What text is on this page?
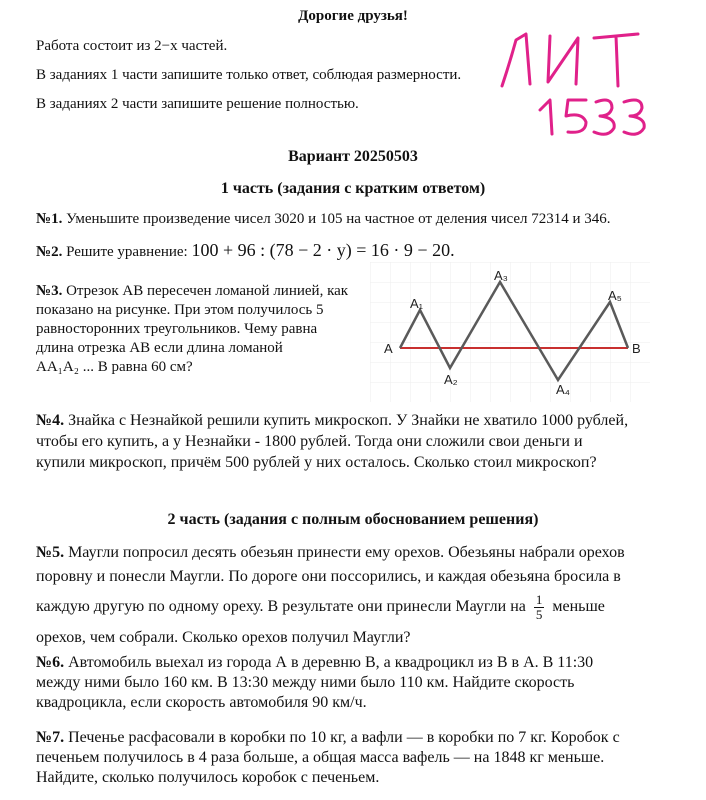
Дорогие друзья!

Работа состоит из 2−х частей.

В заданиях 1 части запишите только ответ, соблюдая размерности.

В заданиях 2 части запишите решение полностью.

Вариант 20250503

1 часть (задания с кратким ответом)

№1. Уменьшите произведение чисел 3020 и 105 на частное от деления чисел 72314 и 346.

№2. Решите уравнение: 100 + 96 : (78 − 2 · y) = 16 · 9 − 20.

№3. Отрезок AB пересечен ломаной линией, как
показано на рисунке. При этом получилось 5
равносторонних треугольников. Чему равна
длина отрезка AB если длина ломаной
AA₁A₂ ... B равна 60 см?
A
A₁
A₂
A₃
A₄
A₅
B
№4. Знайка с Незнайкой решили купить микроскоп. У Знайки не хватило 1000 рублей,
чтобы его купить, а у Незнайки - 1800 рублей. Тогда они сложили свои деньги и
купили микроскоп, причём 500 рублей у них осталось. Сколько стоил микроскоп?

2 часть (задания с полным обоснованием решения)

№5. Маугли попросил десять обезьян принести ему орехов. Обезьяны набрали орехов
поровну и понесли Маугли. По дороге они поссорились, и каждая обезьяна бросила в
каждую другую по одному ореху. В результате они принесли Маугли на $\frac{1}{5}$ меньше
орехов, чем собрали. Сколько орехов получил Маугли?
№6. Автомобиль выехал из города А в деревню В, а квадроцикл из В в А. В 11:30
между ними было 160 км. В 13:30 между ними было 110 км. Найдите скорость
квадроцикла, если скорость автомобиля 90 км/ч.
№7. Печенье расфасовали в коробки по 10 кг, а вафли — в коробки по 7 кг. Коробок с
печеньем получилось в 4 раза больше, а общая масса вафель — на 1848 кг меньше.
Найдите, сколько получилось коробок с печеньем.
